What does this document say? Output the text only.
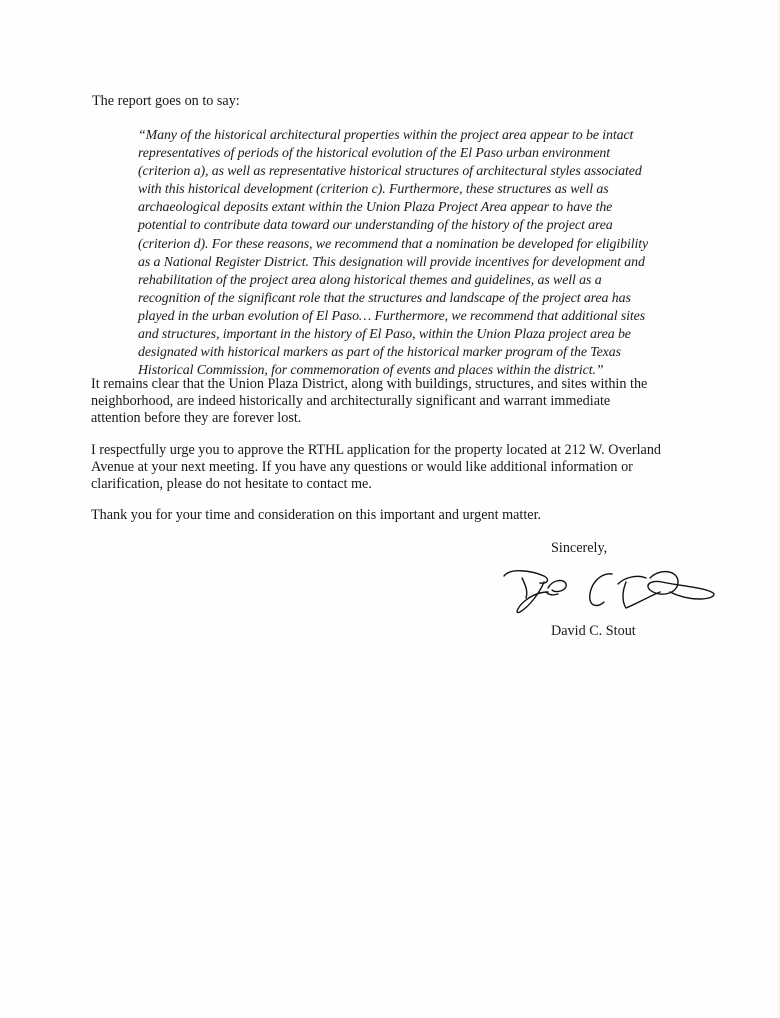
The report goes on to say:

“Many of the historical architectural properties within the project area appear to be intact
representatives of periods of the historical evolution of the El Paso urban environment
(criterion a), as well as representative historical structures of architectural styles associated
with this historical development (criterion c). Furthermore, these structures as well as
archaeological deposits extant within the Union Plaza Project Area appear to have the
potential to contribute data toward our understanding of the history of the project area
(criterion d). For these reasons, we recommend that a nomination be developed for eligibility
as a National Register District. This designation will provide incentives for development and
rehabilitation of the project area along historical themes and guidelines, as well as a
recognition of the significant role that the structures and landscape of the project area has
played in the urban evolution of El Paso… Furthermore, we recommend that additional sites
and structures, important in the history of El Paso, within the Union Plaza project area be
designated with historical markers as part of the historical marker program of the Texas
Historical Commission, for commemoration of events and places within the district.”

It remains clear that the Union Plaza District, along with buildings, structures, and sites within the
neighborhood, are indeed historically and architecturally significant and warrant immediate
attention before they are forever lost.

I respectfully urge you to approve the RTHL application for the property located at 212 W. Overland
Avenue at your next meeting. If you have any questions or would like additional information or
clarification, please do not hesitate to contact me.

Thank you for your time and consideration on this important and urgent matter.

Sincerely,

David C. Stout
